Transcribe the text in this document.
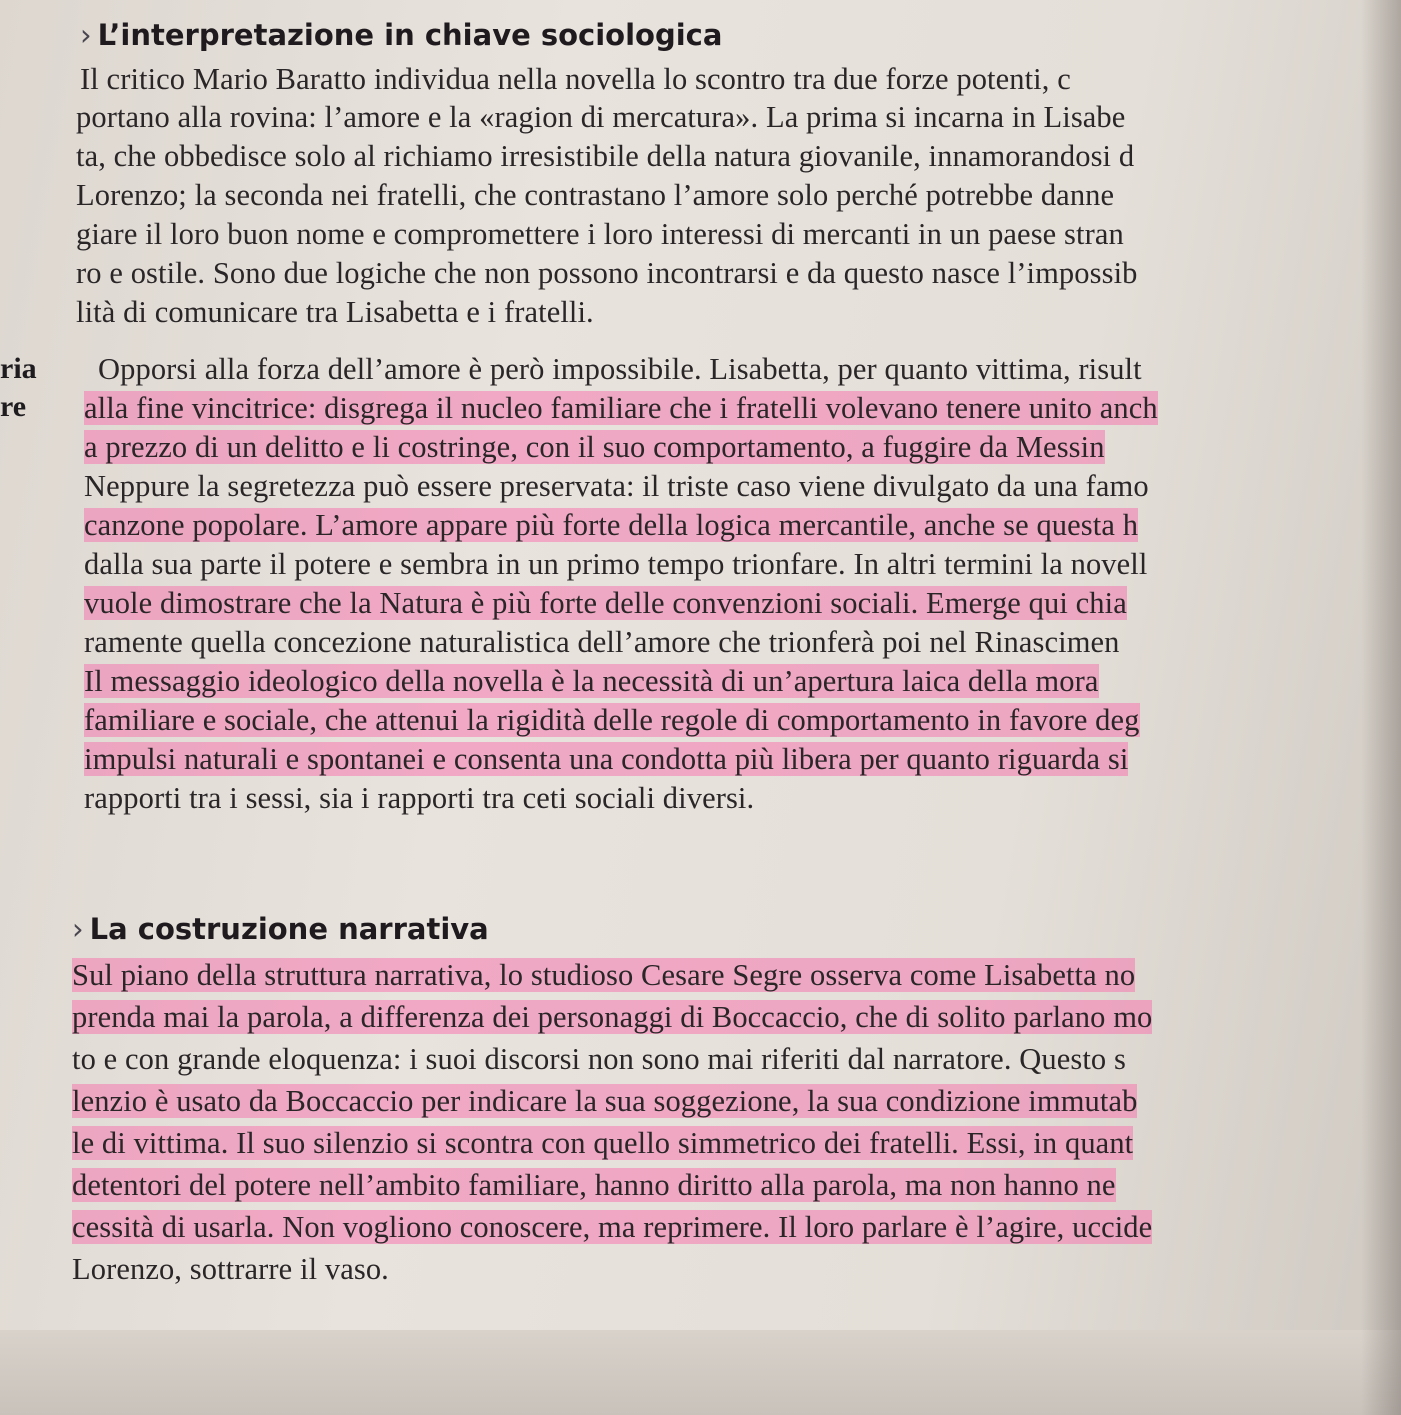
ria
re
› L’interpretazione in chiave sociologica
Il critico Mario Baratto individua nella novella lo scontro tra due forze potenti, c
portano alla rovina: l’amore e la «ragion di mercatura». La prima si incarna in Lisabe
ta, che obbedisce solo al richiamo irresistibile della natura giovanile, innamorandosi d
Lorenzo; la seconda nei fratelli, che contrastano l’amore solo perché potrebbe danne
giare il loro buon nome e compromettere i loro interessi di mercanti in un paese stran
ro e ostile. Sono due logiche che non possono incontrarsi e da questo nasce l’impossib
lità di comunicare tra Lisabetta e i fratelli.
Opporsi alla forza dell’amore è però impossibile. Lisabetta, per quanto vittima, risult
alla fine vincitrice: disgrega il nucleo familiare che i fratelli volevano tenere unito anch
a prezzo di un delitto e li costringe, con il suo comportamento, a fuggire da Messin
Neppure la segretezza può essere preservata: il triste caso viene divulgato da una famo
canzone popolare. L’amore appare più forte della logica mercantile, anche se questa h
dalla sua parte il potere e sembra in un primo tempo trionfare. In altri termini la novell
vuole dimostrare che la Natura è più forte delle convenzioni sociali. Emerge qui chia
ramente quella concezione naturalistica dell’amore che trionferà poi nel Rinascimen
Il messaggio ideologico della novella è la necessità di un’apertura laica della mora
familiare e sociale, che attenui la rigidità delle regole di comportamento in favore deg
impulsi naturali e spontanei e consenta una condotta più libera per quanto riguarda si
rapporti tra i sessi, sia i rapporti tra ceti sociali diversi.
› La costruzione narrativa
Sul piano della struttura narrativa, lo studioso Cesare Segre osserva come Lisabetta no
prenda mai la parola, a differenza dei personaggi di Boccaccio, che di solito parlano mo
to e con grande eloquenza: i suoi discorsi non sono mai riferiti dal narratore. Questo s
lenzio è usato da Boccaccio per indicare la sua soggezione, la sua condizione immutab
le di vittima. Il suo silenzio si scontra con quello simmetrico dei fratelli. Essi, in quant
detentori del potere nell’ambito familiare, hanno diritto alla parola, ma non hanno ne
cessità di usarla. Non vogliono conoscere, ma reprimere. Il loro parlare è l’agire, uccide
Lorenzo, sottrarre il vaso.
